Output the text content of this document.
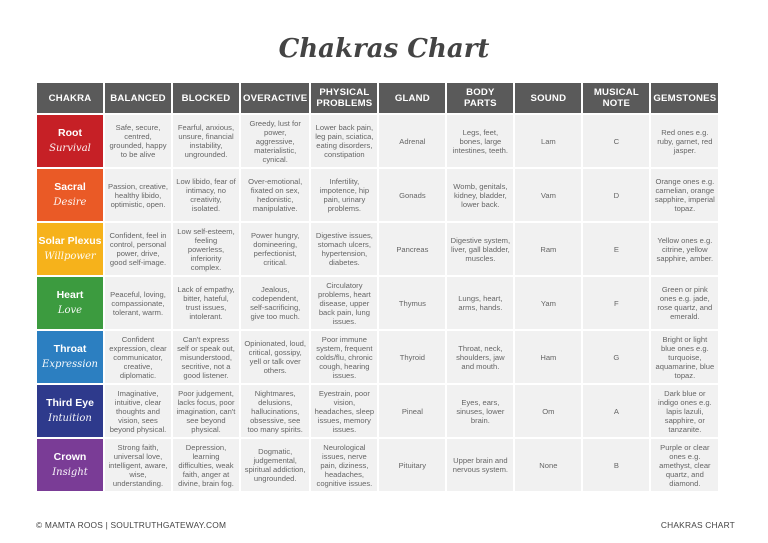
Chakras Chart
CHAKRA	BALANCED	BLOCKED	OVERACTIVE	PHYSICAL PROBLEMS	GLAND	BODY PARTS	SOUND	MUSICAL NOTE	GEMSTONES

Root
Survival	Safe, secure, centred, grounded, happy to be alive	Fearful, anxious, unsure, financial instability, ungrounded.	Greedy, lust for power, aggressive, materialistic, cynical.	Lower back pain, leg pain, sciatica, eating disorders, constipation	Adrenal	Legs, feet, bones, large intestines, teeth.	Lam	C	Red ones e.g. ruby, garnet, red jasper.

Sacral
Desire	Passion, creative, healthy libido, optimistic, open.	Low libido, fear of intimacy, no creativity, isolated.	Over-emotional, fixated on sex, hedonistic, manipulative.	Infertility, impotence, hip pain, urinary problems.	Gonads	Womb, genitals, kidney, bladder, lower back.	Vam	D	Orange ones e.g. carnelian, orange sapphire, imperial topaz.

Solar Plexus
Willpower	Confident, feel in control, personal power, drive, good self-image.	Low self-esteem, feeling powerless, inferiority complex.	Power hungry, domineering, perfectionist, critical.	Digestive issues, stomach ulcers, hypertension, diabetes.	Pancreas	Digestive system, liver, gall bladder, muscles.	Ram	E	Yellow ones e.g. citrine, yellow sapphire, amber.

Heart
Love	Peaceful, loving, compassionate, tolerant, warm.	Lack of empathy, bitter, hateful, trust issues, intolerant.	Jealous, codependent, self-sacrificing, give too much.	Circulatory problems, heart disease, upper back pain, lung issues.	Thymus	Lungs, heart, arms, hands.	Yam	F	Green or pink ones e.g. jade, rose quartz, and emerald.

Throat
Expression	Confident expression, clear communicator, creative, diplomatic.	Can't express self or speak out, misunderstood, secritive, not a good listener.	Opinionated, loud, critical, gossipy, yell or talk over others.	Poor immune system, frequent colds/flu, chronic cough, hearing issues.	Thyroid	Throat, neck, shoulders, jaw and mouth.	Ham	G	Bright or light blue ones e.g. turquoise, aquamarine, blue topaz.

Third Eye
Intuition	Imaginative, intuitive, clear thoughts and vision, sees beyond physical.	Poor judgement, lacks focus, poor imagination, can't see beyond physical.	Nightmares, delusions, hallucinations, obsessive, see too many spirits.	Eyestrain, poor vision, headaches, sleep issues, memory issues.	Pineal	Eyes, ears, sinuses, lower brain.	Om	A	Dark blue or indigo ones e.g. lapis lazuli, sapphire, or tanzanite.

Crown
Insight	Strong faith, universal love, intelligent, aware, wise, understanding.	Depression, learning difficulties, weak faith, anger at divine, brain fog.	Dogmatic, judgemental, spiritual addiction, ungrounded.	Neurological issues, nerve pain, diziness, headaches, cognitive issues.	Pituitary	Upper brain and nervous system.	None	B	Purple or clear ones e.g. amethyst, clear quartz, and diamond.
© MAMTA ROOS | SOULTRUTHGATEWAY.COM	CHAKRAS CHART
